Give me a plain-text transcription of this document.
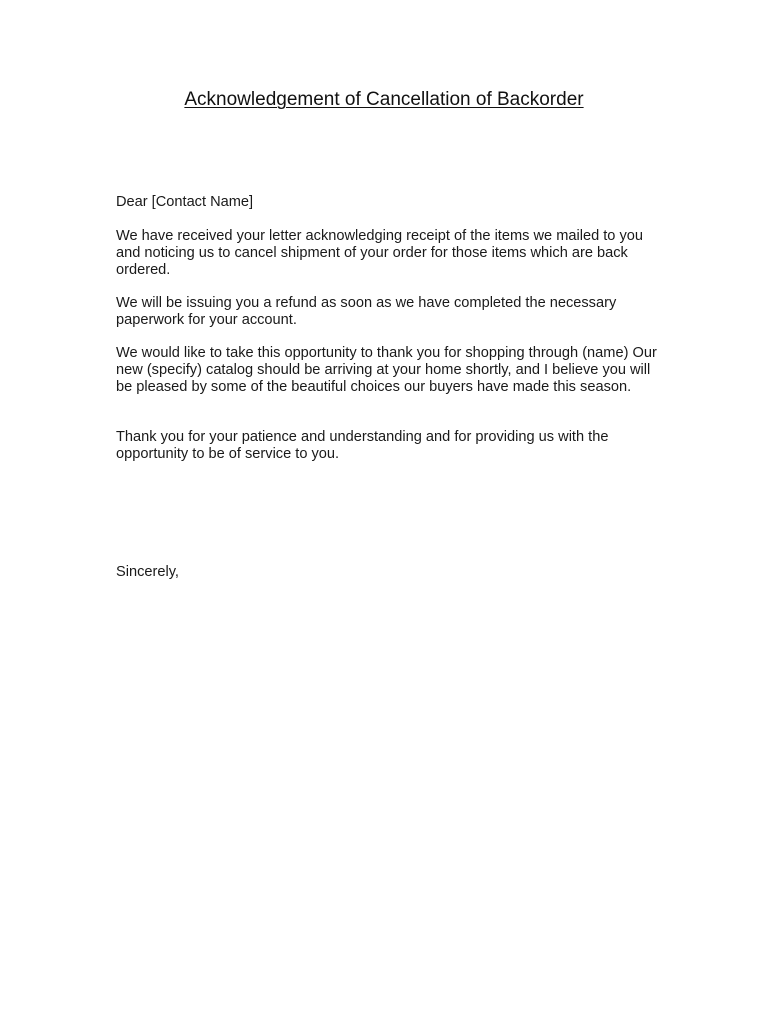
Acknowledgement of Cancellation of Backorder

Dear [Contact Name]

We have received your letter acknowledging receipt of the items we mailed to you and noticing us to cancel shipment of your order for those items which are back ordered.

We will be issuing you a refund as soon as we have completed the necessary paperwork for your account.

We would like to take this opportunity to thank you for shopping through (name) Our new (specify) catalog should be arriving at your home shortly, and I believe you will be pleased by some of the beautiful choices our buyers have made this season.

Thank you for your patience and understanding and for providing us with the opportunity to be of service to you.

Sincerely,
